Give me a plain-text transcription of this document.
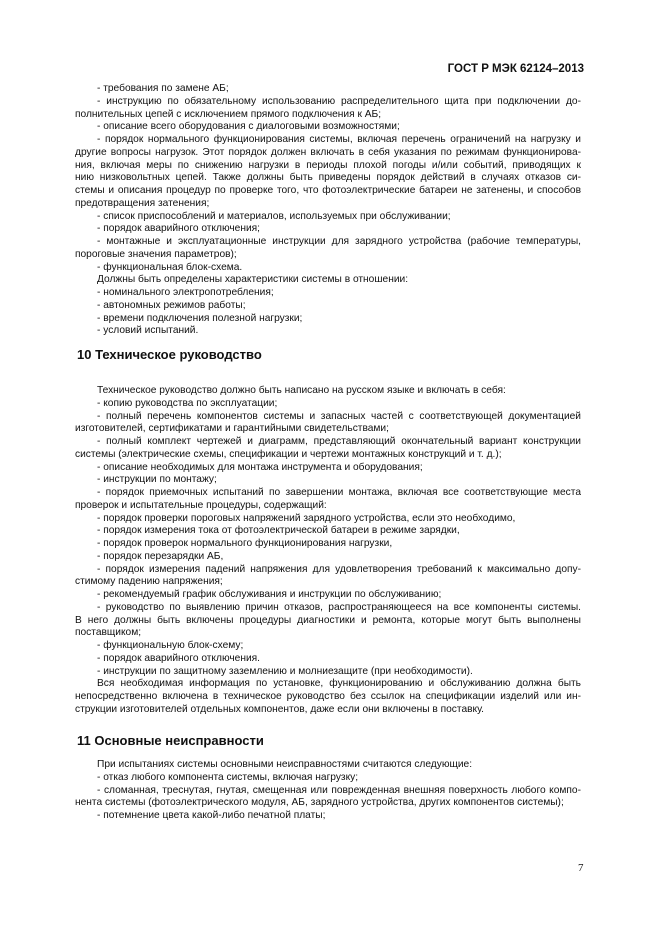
ГОСТ Р МЭК 62124–2013
- требования по замене АБ;
- инструкцию по обязательному использованию распределительного щита при подключении до-
полнительных цепей с исключением прямого подключения к АБ;
- описание всего оборудования с диалоговыми возможностями;
- порядок нормального функционирования системы, включая перечень ограничений на нагрузку и
другие вопросы нагрузок. Этот порядок должен включать в себя указания по режимам функционирова-
ния, включая меры по снижению нагрузки в периоды плохой погоды и/или событий, приводящих к
нию низковольтных цепей. Также должны быть приведены порядок действий в случаях отказов си-
стемы и описания процедур по проверке того, что фотоэлектрические батареи не затенены, и способов
предотвращения затенения;
- список приспособлений и материалов, используемых при обслуживании;
- порядок аварийного отключения;
- монтажные и эксплуатационные инструкции для зарядного устройства (рабочие температуры,
пороговые значения параметров);
- функциональная блок-схема.
Должны быть определены характеристики системы в отношении:
- номинального электропотребления;
- автономных режимов работы;
- времени подключения полезной нагрузки;
- условий испытаний.
10 Техническое руководство
Техническое руководство должно быть написано на русском языке и включать в себя:
- копию руководства по эксплуатации;
- полный перечень компонентов системы и запасных частей с соответствующей документацией
изготовителей, сертификатами и гарантийными свидетельствами;
- полный комплект чертежей и диаграмм, представляющий окончательный вариант конструкции
системы (электрические схемы, спецификации и чертежи монтажных конструкций и т. д.);
- описание необходимых для монтажа инструмента и оборудования;
- инструкции по монтажу;
- порядок приемочных испытаний по завершении монтажа, включая все соответствующие места
проверок и испытательные процедуры, содержащий:
- порядок проверки пороговых напряжений зарядного устройства, если это необходимо,
- порядок измерения тока от фотоэлектрической батареи в режиме зарядки,
- порядок проверок нормального функционирования нагрузки,
- порядок перезарядки АБ,
- порядок измерения падений напряжения для удовлетворения требований к максимально допу-
стимому падению напряжения;
- рекомендуемый график обслуживания и инструкции по обслуживанию;
- руководство по выявлению причин отказов, распространяющееся на все компоненты системы.
В него должны быть включены процедуры диагностики и ремонта, которые могут быть выполнены
поставщиком;
- функциональную блок-схему;
- порядок аварийного отключения.
- инструкции по защитному заземлению и молниезащите (при необходимости).
Вся необходимая информация по установке, функционированию и обслуживанию должна быть
непосредственно включена в техническое руководство без ссылок на спецификации изделий или ин-
струкции изготовителей отдельных компонентов, даже если они включены в поставку.
11 Основные неисправности
При испытаниях системы основными неисправностями считаются следующие:
- отказ любого компонента системы, включая нагрузку;
- сломанная, треснутая, гнутая, смещенная или поврежденная внешняя поверхность любого компо-
нента системы (фотоэлектрического модуля, АБ, зарядного устройства, других компонентов системы);
- потемнение цвета какой-либо печатной платы;
7
